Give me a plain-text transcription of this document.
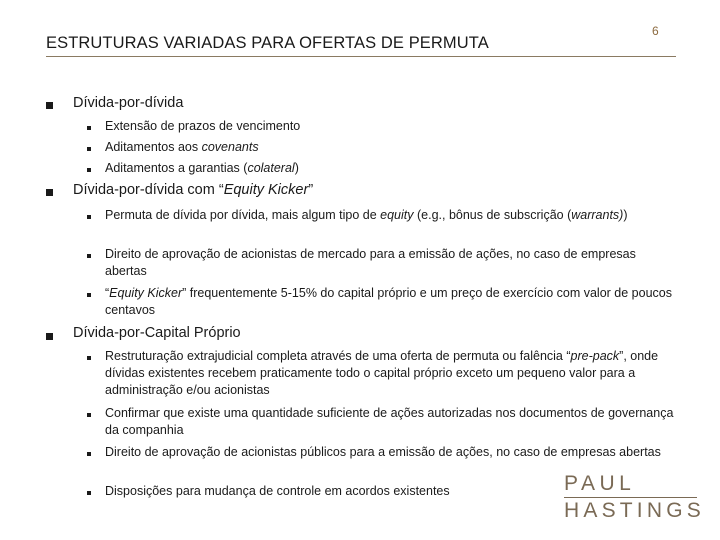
ESTRUTURAS VARIADAS PARA OFERTAS DE PERMUTA
6
Dívida-por-dívida
Extensão de prazos de vencimento
Aditamentos aos covenants
Aditamentos a garantias (colateral)
Dívida-por-dívida com “Equity Kicker”
Permuta de dívida por dívida, mais algum tipo de equity (e.g., bônus de subscrição (warrants))
Direito de aprovação de acionistas de mercado para a emissão de ações, no caso de empresas abertas
“Equity Kicker” frequentemente 5-15% do capital próprio e um preço de exercício com valor de poucos centavos
Dívida-por-Capital Próprio
Restruturação extrajudicial completa através de uma oferta de permuta ou falência “pre-pack”, onde dívidas existentes recebem praticamente todo o capital próprio exceto um pequeno valor para a administração e/ou acionistas
Confirmar que existe uma quantidade suficiente de ações autorizadas nos documentos de governança da companhia
Direito de aprovação de acionistas públicos para a emissão de ações, no caso de empresas abertas
Disposições para mudança de controle em acordos existentes	PAUL
HASTINGS
